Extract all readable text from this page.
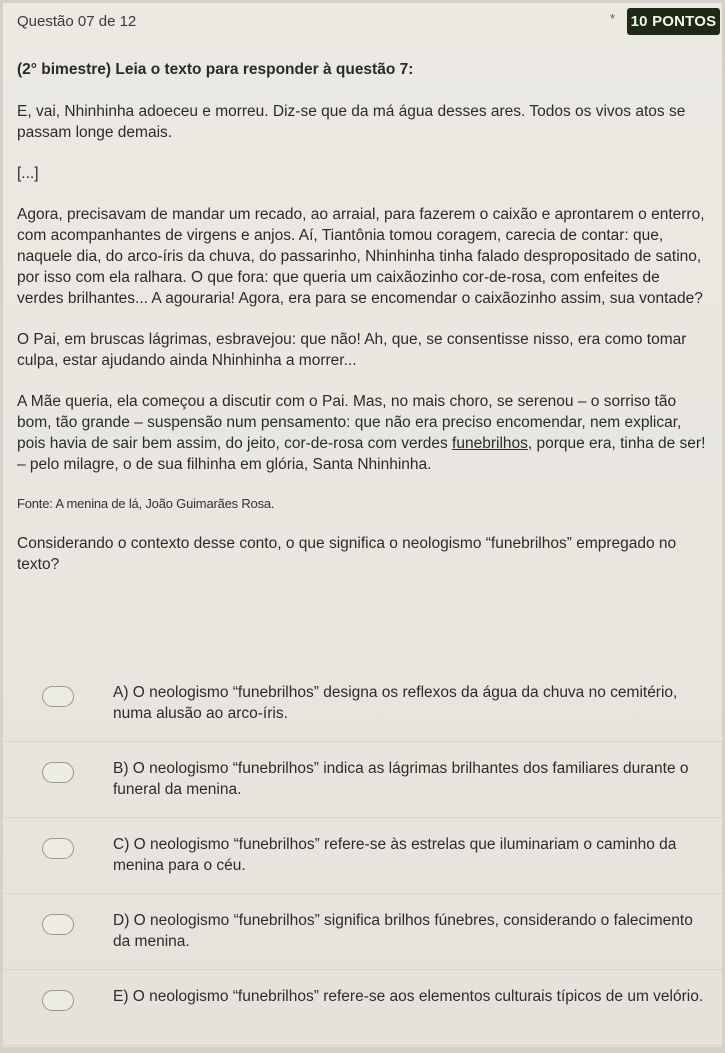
Questão 07 de 12	* 10 PONTOS

(2° bimestre) Leia o texto para responder à questão 7:

E, vai, Nhinhinha adoeceu e morreu. Diz-se que da má água desses ares. Todos os vivos atos se passam longe demais.

[...]

Agora, precisavam de mandar um recado, ao arraial, para fazerem o caixão e aprontarem o enterro, com acompanhantes de virgens e anjos. Aí, Tiantônia tomou coragem, carecia de contar: que, naquele dia, do arco-íris da chuva, do passarinho, Nhinhinha tinha falado despropositado de satino, por isso com ela ralhara. O que fora: que queria um caixãozinho cor-de-rosa, com enfeites de verdes brilhantes... A agouraria! Agora, era para se encomendar o caixãozinho assim, sua vontade?

O Pai, em bruscas lágrimas, esbravejou: que não! Ah, que, se consentisse nisso, era como tomar culpa, estar ajudando ainda Nhinhinha a morrer...

A Mãe queria, ela começou a discutir com o Pai. Mas, no mais choro, se serenou – o sorriso tão bom, tão grande – suspensão num pensamento: que não era preciso encomendar, nem explicar, pois havia de sair bem assim, do jeito, cor-de-rosa com verdes funebrilhos, porque era, tinha de ser! – pelo milagre, o de sua filhinha em glória, Santa Nhinhinha.

Fonte: A menina de lá, João Guimarães Rosa.

Considerando o contexto desse conto, o que significa o neologismo “funebrilhos” empregado no texto?

A) O neologismo “funebrilhos” designa os reflexos da água da chuva no cemitério, numa alusão ao arco-íris.
B) O neologismo “funebrilhos” indica as lágrimas brilhantes dos familiares durante o funeral da menina.
C) O neologismo “funebrilhos” refere-se às estrelas que iluminariam o caminho da menina para o céu.
D) O neologismo “funebrilhos” significa brilhos fúnebres, considerando o falecimento da menina.
E) O neologismo “funebrilhos” refere-se aos elementos culturais típicos de um velório.
